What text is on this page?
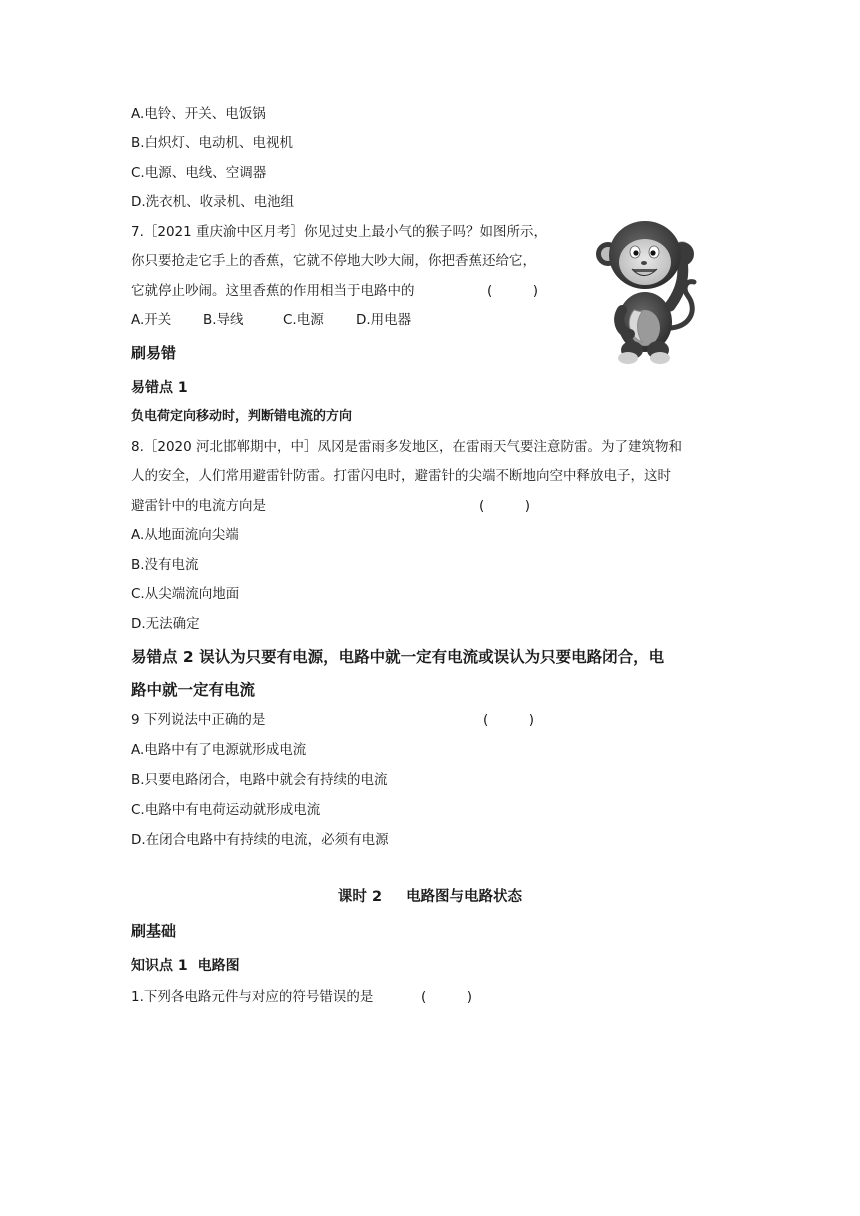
A.电铃、开关、电饭锅
B.白炽灯、电动机、电视机
C.电源、电线、空调器
D.洗衣机、收录机、电池组
7.［2021 重庆渝中区月考］你见过史上最小气的猴子吗？如图所示，
你只要抢走它手上的香蕉，它就不停地大吵大闹，你把香蕉还给它，
它就停止吵闹。这里香蕉的作用相当于电路中的	(　　　)
A.开关 B.导线	C.电源 D.用电器
刷易错
易错点 1
负电荷定向移动时，判断错电流的方向
8.［2020 河北邯郸期中，中］凤冈是雷雨多发地区，在雷雨天气要注意防雷。为了建筑物和
人的安全，人们常用避雷针防雷。打雷闪电时，避雷针的尖端不断地向空中释放电子，这时
避雷针中的电流方向是	(　　　)
A.从地面流向尖端
B.没有电流
C.从尖端流向地面
D.无法确定
易错点 2 误认为只要有电源，电路中就一定有电流或误认为只要电路闭合，电
路中就一定有电流
9 下列说法中正确的是	(　　　)
A.电路中有了电源就形成电流
B.只要电路闭合，电路中就会有持续的电流
C.电路中有电荷运动就形成电流
D.在闭合电路中有持续的电流，必须有电源
课时 2 电路图与电路状态
刷基础
知识点 1 电路图
1.下列各电路元件与对应的符号错误的是	(　　　)
